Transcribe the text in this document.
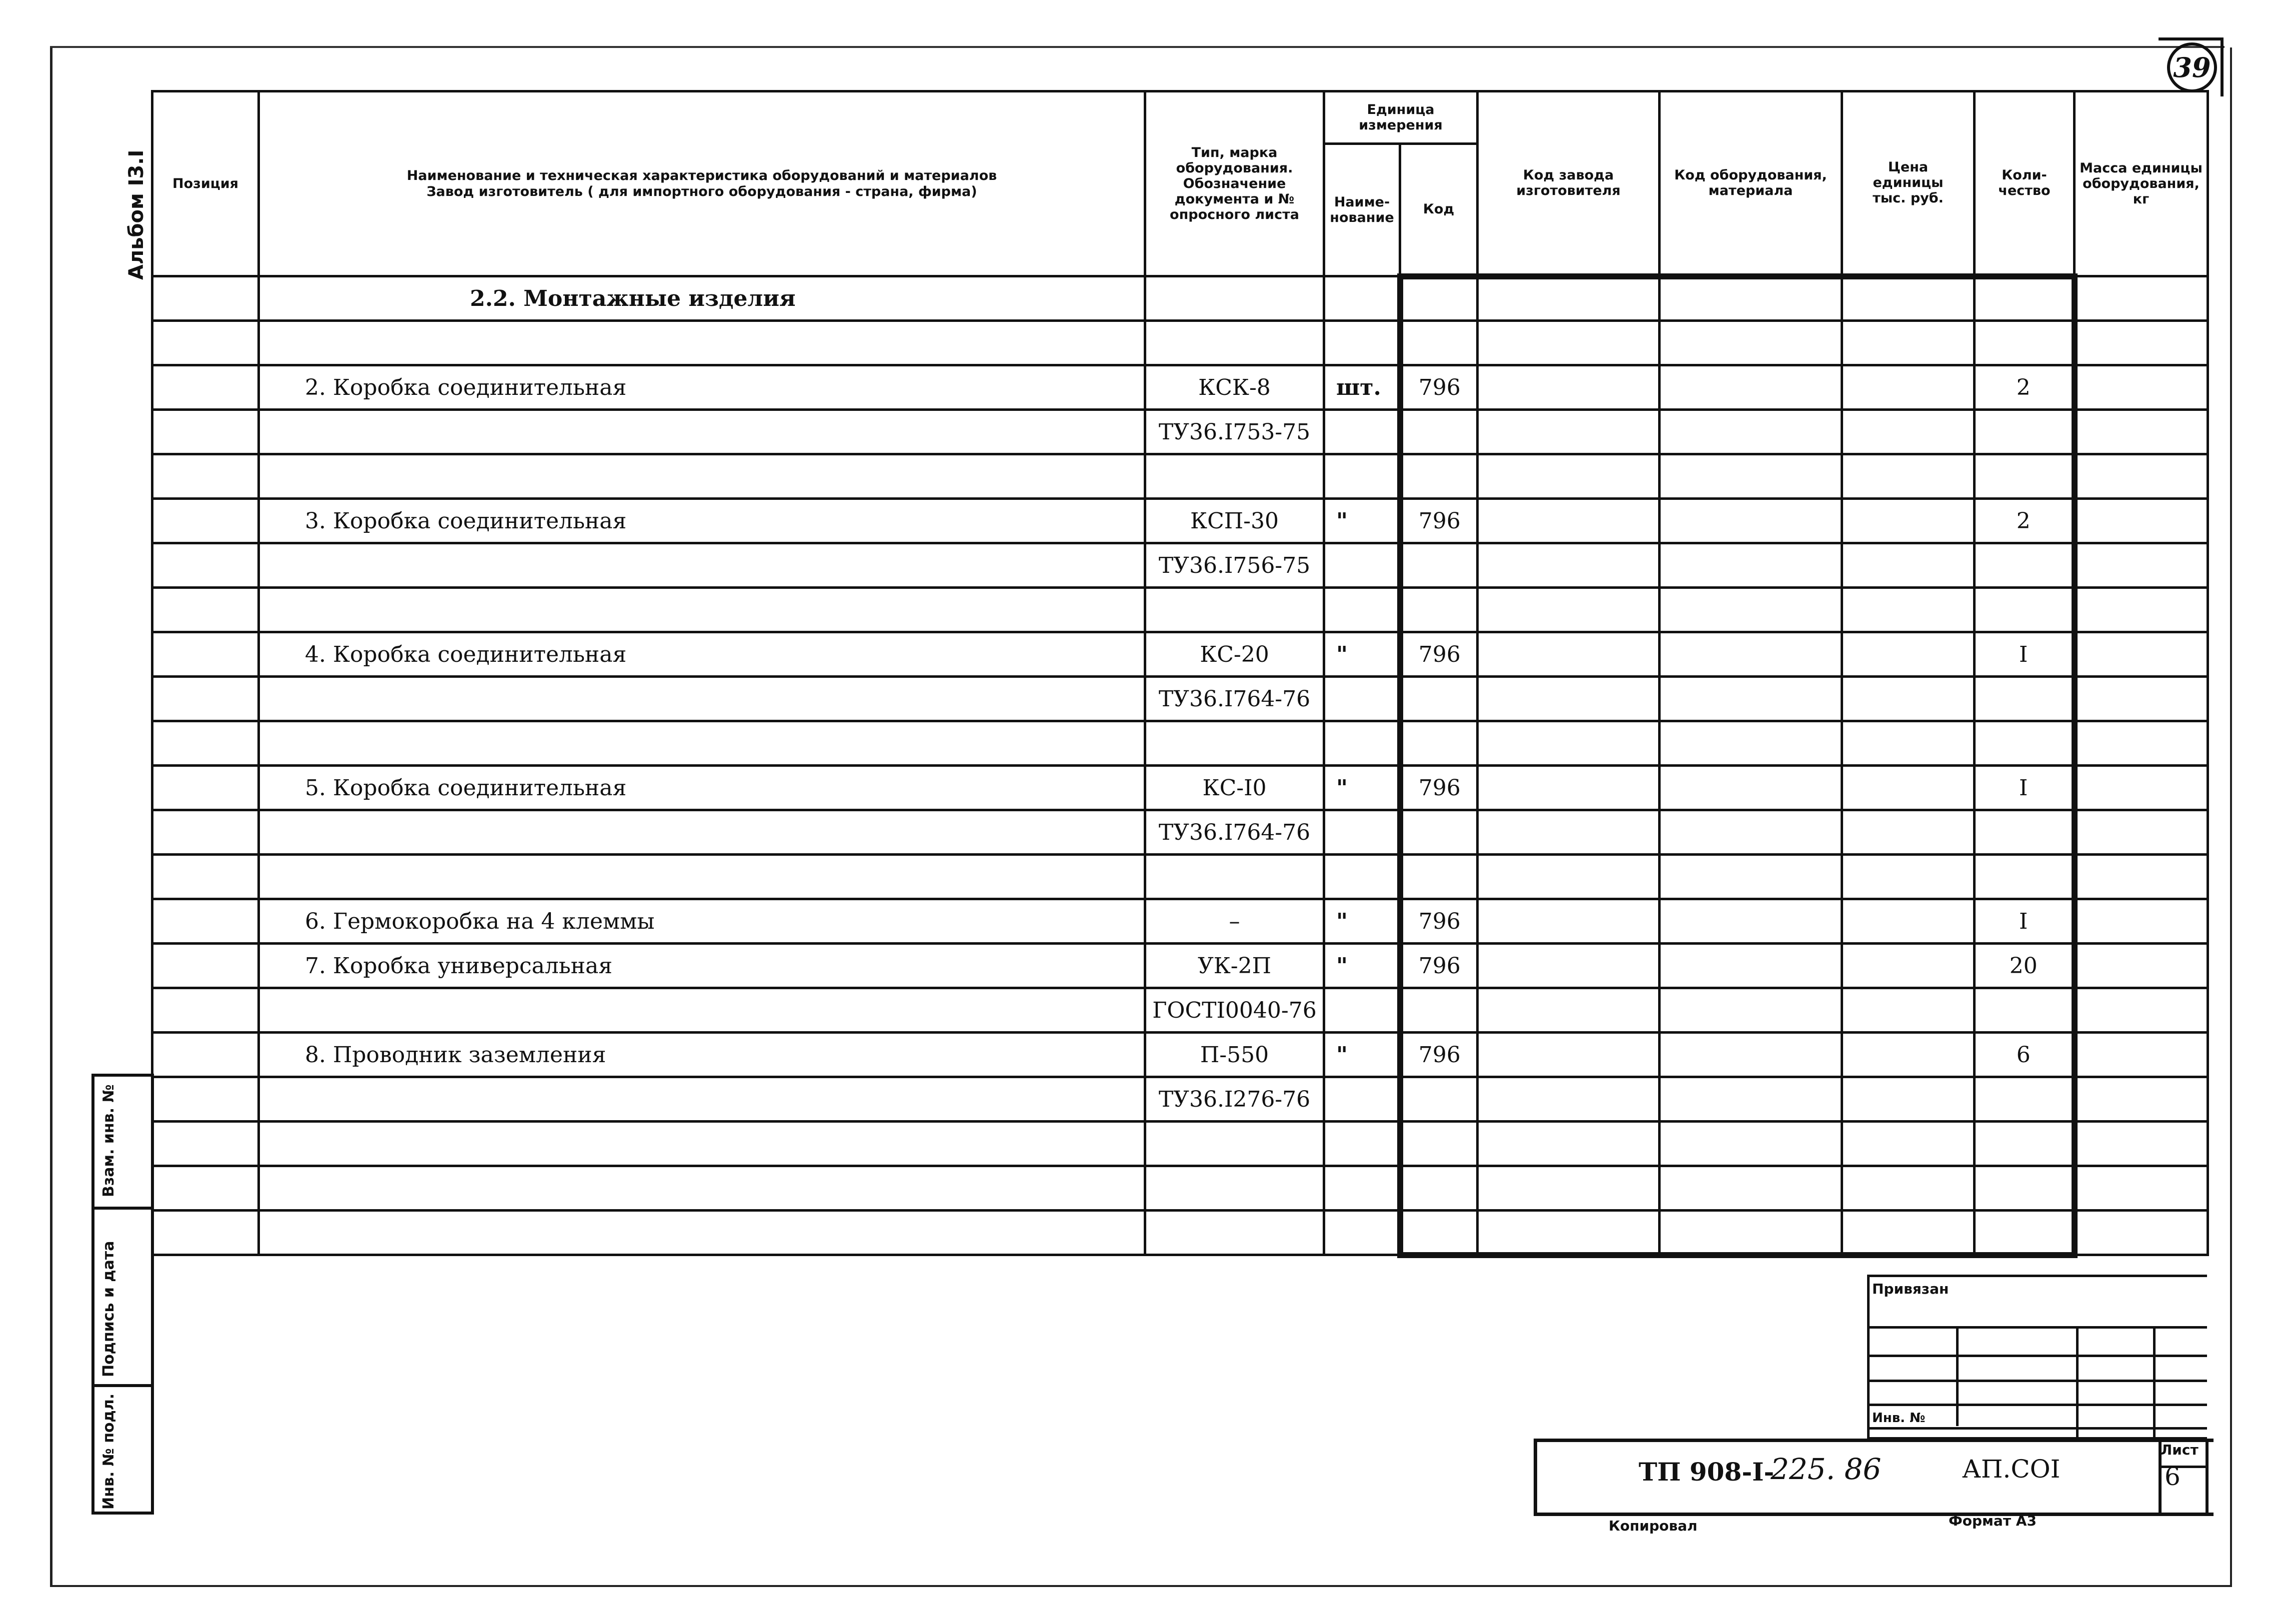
39
Альбом I3.I Позиция	Наименование и техническая характеристика оборудований и материалов
Завод изготовитель ( для импортного оборудования - страна, фирма)	Тип, марка оборудования. Обозначение документа и № опросного листа	Единица измерения		Код завода изготовителя	Код оборудования, материала	Цена единицы тыс. руб.	Коли-чество	Масса единицы оборудования, кг
			Наиме-нование	Код					
	2.2. Монтажные изделия								

	2. Коробка соединительная	КСК-8	шт.	796				2	
		ТУ36.I753-75							

	3. Коробка соединительная	КСП-30	"	796				2	
		ТУ36.I756-75							

	4. Коробка соединительная	КС-20	"	796				I	
		ТУ36.I764-76							

	5. Коробка соединительная	КС-I0	"	796				I	
		ТУ36.I764-76							

	6. Гермокоробка на 4 клеммы	–	"	796				I	
	7. Коробка универсальная	УК-2П	"	796				20	
		ГОСТI0040-76							
	8. Проводник заземления	П-550	"	796				6	
		ТУ36.I276-76							

Взам. инв. №
Подпись и дата
Инв. № подл.
Привязан
Инв. №
Лист
6
ТП 908-I-
225. 86	АП.COI
Копировал	Формат А3
